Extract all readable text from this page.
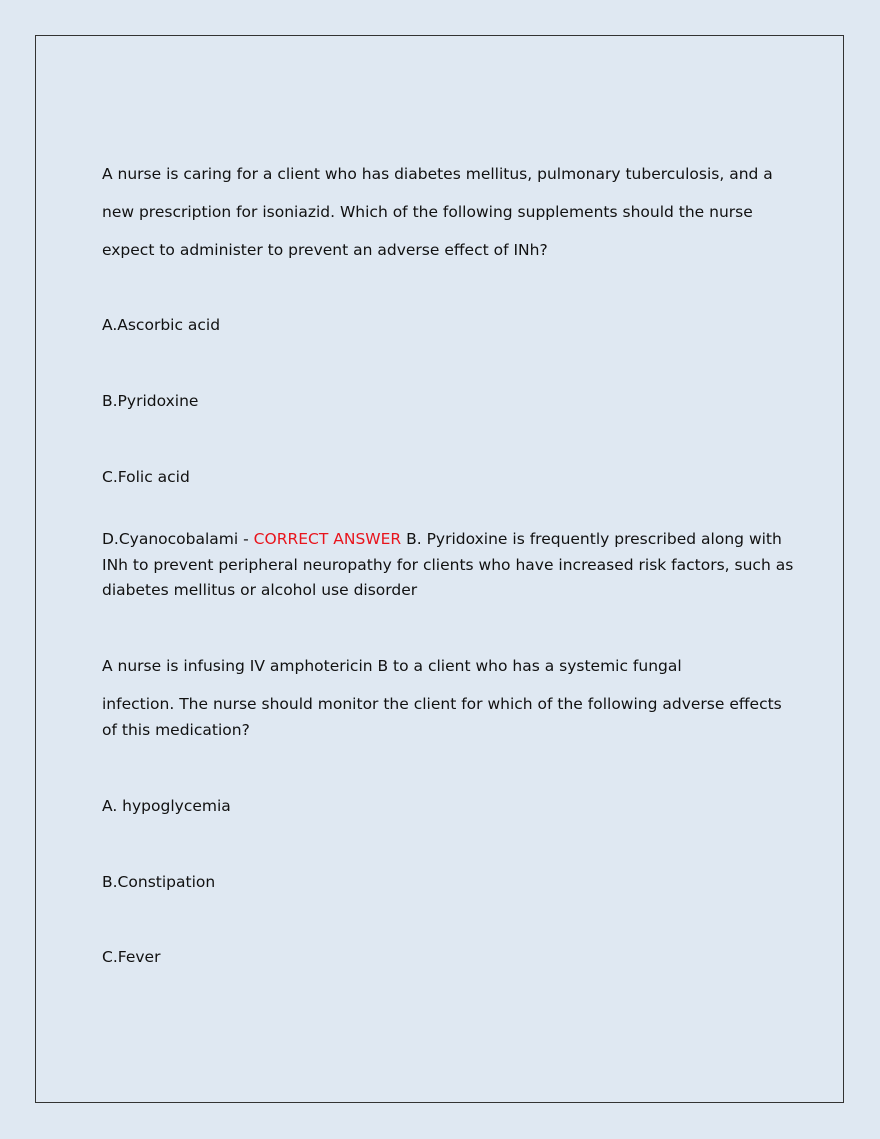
A nurse is caring for a client who has diabetes mellitus, pulmonary tuberculosis, and a
new prescription for isoniazid. Which of the following supplements should the nurse
expect to administer to prevent an adverse effect of INh?
A.Ascorbic acid
B.Pyridoxine
C.Folic acid
D.Cyanocobalami - CORRECT ANSWER B. Pyridoxine is frequently prescribed along with
INh to prevent peripheral neuropathy for clients who have increased risk factors, such as
diabetes mellitus or alcohol use disorder
A nurse is infusing IV amphotericin B to a client who has a systemic fungal
infection. The nurse should monitor the client for which of the following adverse effects
of this medication?
A. hypoglycemia
B.Constipation
C.Fever
